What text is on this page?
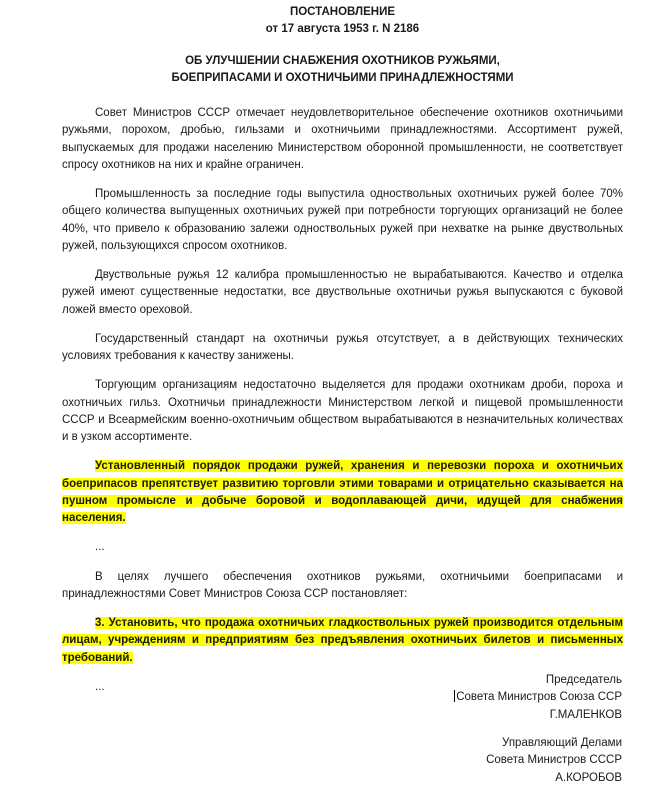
ПОСТАНОВЛЕНИЕ
от 17 августа 1953 г. N 2186
ОБ УЛУЧШЕНИИ СНАБЖЕНИЯ ОХОТНИКОВ РУЖЬЯМИ,
БОЕПРИПАСАМИ И ОХОТНИЧЬИМИ ПРИНАДЛЕЖНОСТЯМИ

Совет Министров СССР отмечает неудовлетворительное обеспечение охотников охотничьими ружьями, порохом, дробью, гильзами и охотничьими принадлежностями. Ассортимент ружей, выпускаемых для продажи населению Министерством оборонной промышленности, не соответствует спросу охотников на них и крайне ограничен.

Промышленность за последние годы выпустила одноствольных охотничьих ружей более 70% общего количества выпущенных охотничьих ружей при потребности торгующих организаций не более 40%, что привело к образованию залежи одноствольных ружей при нехватке на рынке двуствольных ружей, пользующихся спросом охотников.

Двуствольные ружья 12 калибра промышленностью не вырабатываются. Качество и отделка ружей имеют существенные недостатки, все двуствольные охотничьи ружья выпускаются с буковой ложей вместо ореховой.

Государственный стандарт на охотничьи ружья отсутствует, а в действующих технических условиях требования к качеству занижены.

Торгующим организациям недостаточно выделяется для продажи охотникам дроби, пороха и охотничьих гильз. Охотничьи принадлежности Министерством легкой и пищевой промышленности СССР и Всеармейским военно-охотничьим обществом вырабатываются в незначительных количествах и в узком ассортименте.

Установленный порядок продажи ружей, хранения и перевозки пороха и охотничьих боеприпасов препятствует развитию торговли этими товарами и отрицательно сказывается на пушном промысле и добыче боровой и водоплавающей дичи, идущей для снабжения населения.

...

В целях лучшего обеспечения охотников ружьями, охотничьими боеприпасами и принадлежностями Совет Министров Союза ССР постановляет:

3. Установить, что продажа охотничьих гладкоствольных ружей производится отдельным лицам, учреждениям и предприятиям без предъявления охотничьих билетов и письменных требований.

...

Председатель
Совета Министров Союза ССР
Г.МАЛЕНКОВ
Управляющий Делами
Совета Министров СССР
А.КОРОБОВ
